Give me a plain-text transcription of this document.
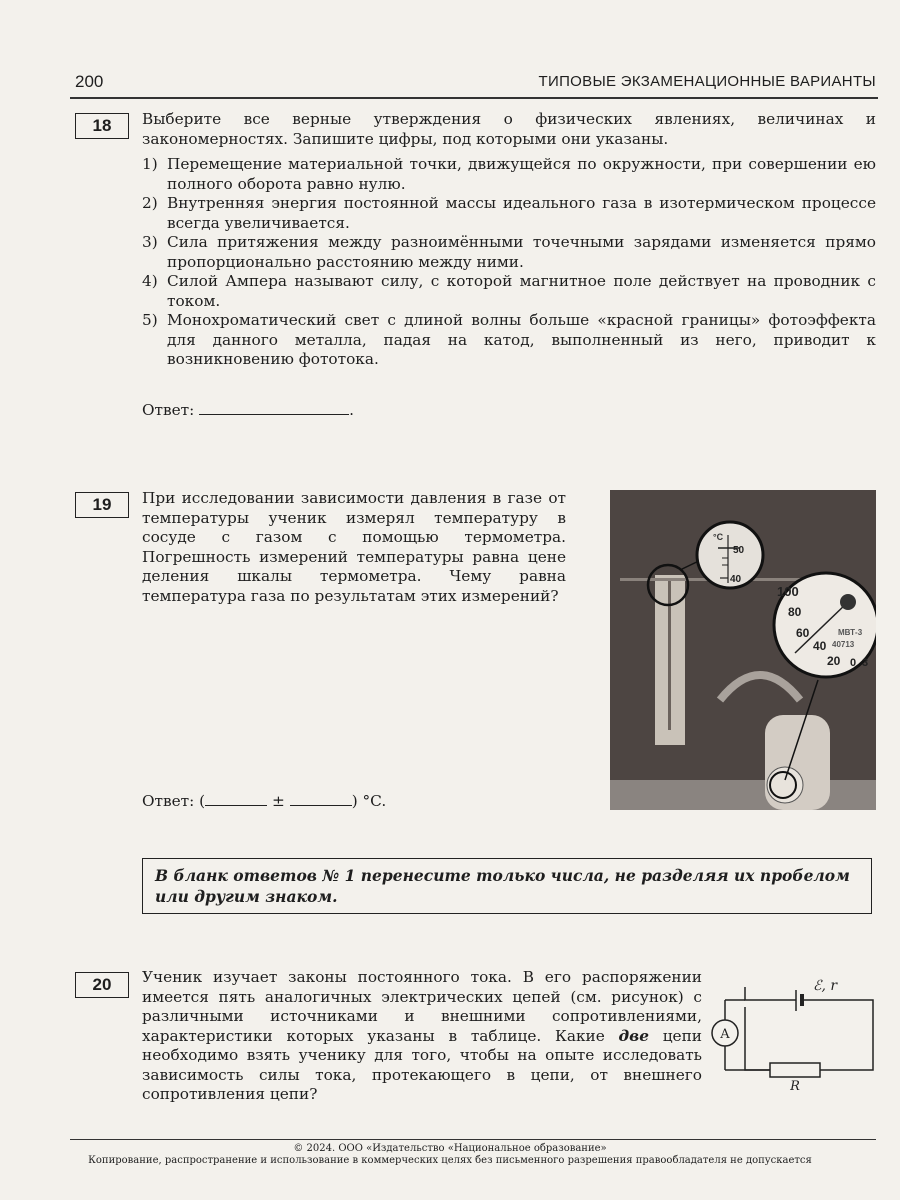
200	ТИПОВЫЕ ЭКЗАМЕНАЦИОННЫЕ ВАРИАНТЫ
18	Выберите все верные утверждения о физических явлениях, величинах и закономерностях. Запишите цифры, под которыми они указаны.
1) Перемещение материальной точки, движущейся по окружности, при совершении ею полного оборота равно нулю.
2) Внутренняя энергия постоянной массы идеального газа в изотермическом процессе всегда увеличивается.
3) Сила притяжения между разноимёнными точечными зарядами изменяется прямо пропорционально расстоянию между ними.
4) Силой Ампера называют силу, с которой магнитное поле действует на проводник с током.
5) Монохроматический свет с длиной волны больше «красной границы» фотоэффекта для данного металла, падая на катод, выполненный из него, приводит к возникновению фототока.
Ответ:	.
19	При исследовании зависимости давления в газе от температуры ученик измерял температуру в сосуде с газом с помощью термометра. Погрешность измерений температуры равна цене деления шкалы термометра. Чему равна температура газа по результатам этих измерений?
Ответ: (	±	) °C.
°C
50
40
100
80
60
40
20 0 3
МВТ-3
40713
В бланк ответов № 1 перенесите только числа, не разделяя их пробелом или другим знаком.
20	Ученик изучает законы постоянного тока. В его распоряжении имеется пять аналогичных электрических цепей (см. рисунок) с различными источниками и внешними сопротивлениями, характеристики которых указаны в таблице. Какие две цепи необходимо взять ученику для того, чтобы на опыте исследовать зависимость силы тока, протекающего в цепи, от внешнего сопротивления цепи?
ℰ, r
A
R
© 2024. ООО «Издательство «Национальное образование»
Копирование, распространение и использование в коммерческих целях без письменного разрешения правообладателя не допускается
